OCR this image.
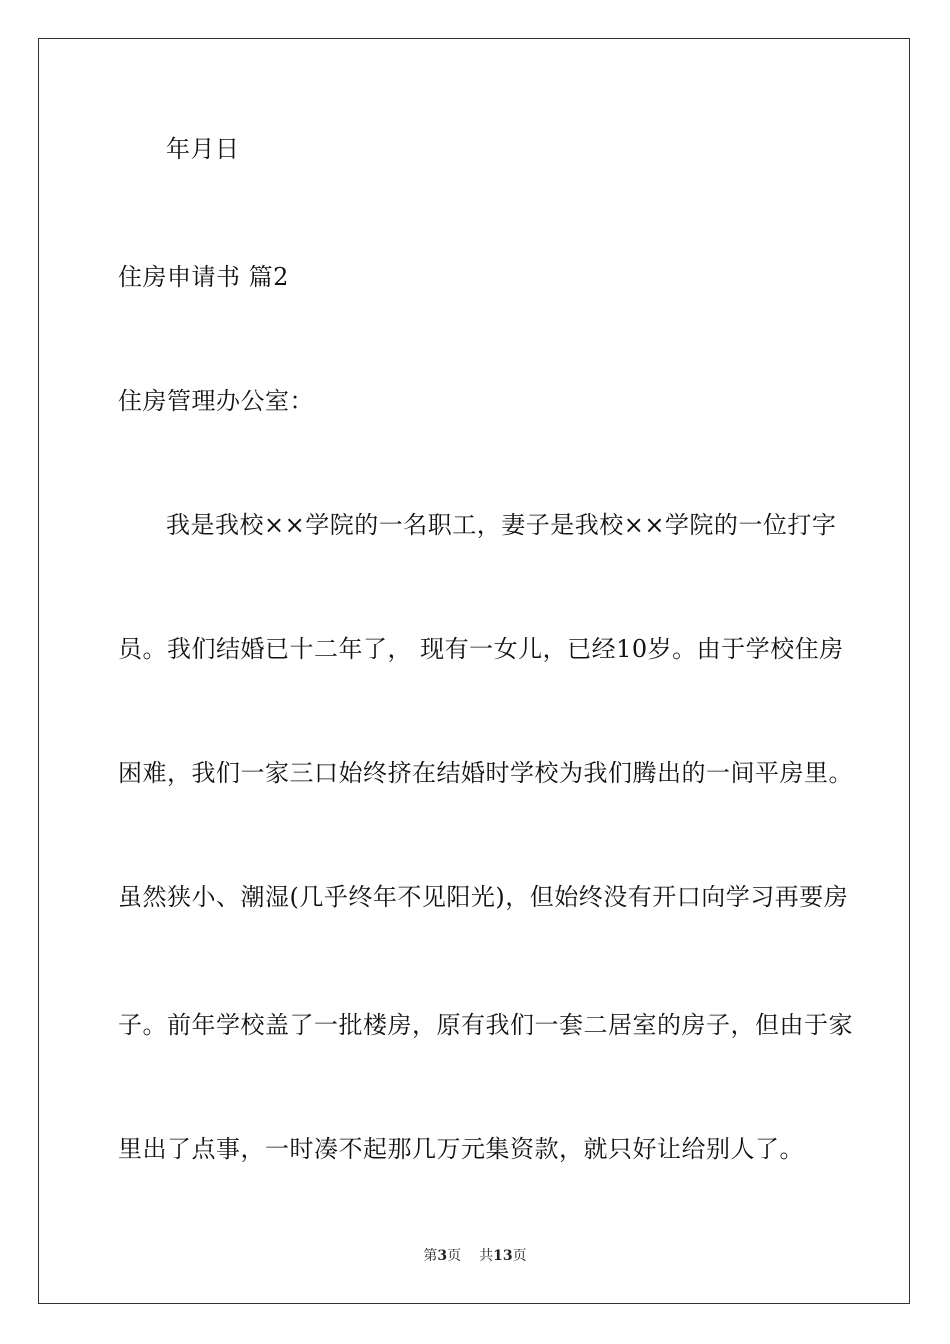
年月日
住房申请书 篇2
住房管理办公室：
我是我校××学院的一名职工，妻子是我校××学院的一位打字
员。我们结婚已十二年了， 现有一女儿，已经10岁。由于学校住房
困难，我们一家三口始终挤在结婚时学校为我们腾出的一间平房里。
虽然狭小、潮湿(几乎终年不见阳光)，但始终没有开口向学习再要房
子。前年学校盖了一批楼房，原有我们一套二居室的房子，但由于家
里出了点事，一时凑不起那几万元集资款，就只好让给别人了。
第3页 共13页
